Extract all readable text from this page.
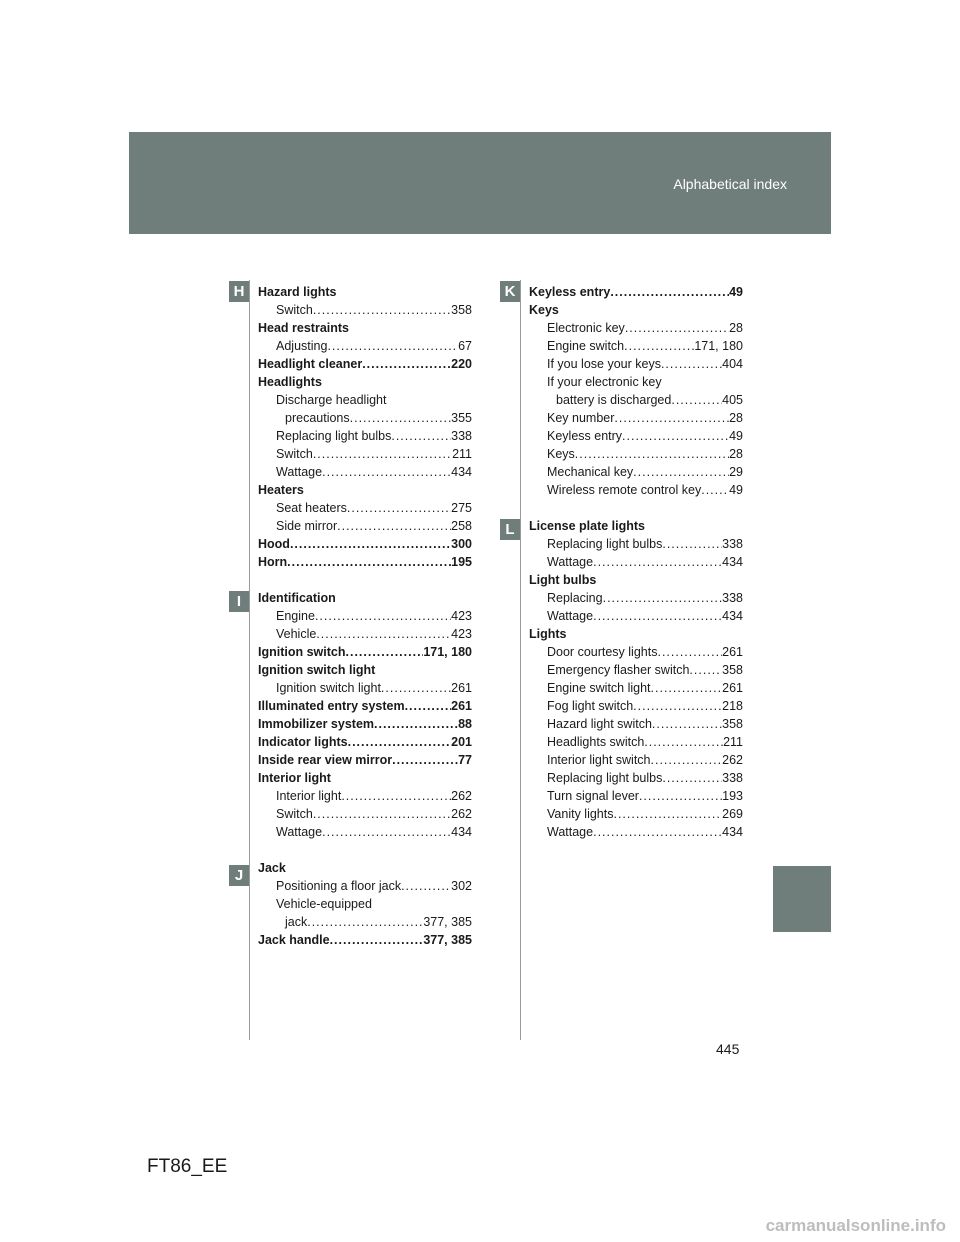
Alphabetical index
H
I
J
K
L
Hazard lights
Switch .....	358
Head restraints
Adjusting .....	67
Headlight cleaner .....	220
Headlights
Discharge headlight
precautions .....	355
Replacing light bulbs .....	338
Switch .....	211
Wattage .....	434
Heaters
Seat heaters .....	275
Side mirror .....	258
Hood .....	300
Horn .....	195
Identification
Engine .....	423
Vehicle .....	423
Ignition switch .....	171, 180
Ignition switch light
Ignition switch light .....	261
Illuminated entry system .....	261
Immobilizer system .....	88
Indicator lights .....	201
Inside rear view mirror .....	77
Interior light
Interior light .....	262
Switch .....	262
Wattage .....	434
Jack
Positioning a floor jack .....	302
Vehicle-equipped
jack .....	377, 385
Jack handle .....	377, 385
Keyless entry .....	49
Keys
Electronic key .....	28
Engine switch .....	171, 180
If you lose your keys .....	404
If your electronic key
battery is discharged .....	405
Key number .....	28
Keyless entry .....	49
Keys .....	28
Mechanical key .....	29
Wireless remote control key ..... 49
License plate lights
Replacing light bulbs .....	338
Wattage .....	434
Light bulbs
Replacing .....	338
Wattage .....	434
Lights
Door courtesy lights .....	261
Emergency flasher switch .....	358
Engine switch light .....	261
Fog light switch .....	218
Hazard light switch .....	358
Headlights switch .....	211
Interior light switch .....	262
Replacing light bulbs .....	338
Turn signal lever .....	193
Vanity lights .....	269
Wattage .....	434
445
FT86_EE
carmanualsonline.info
